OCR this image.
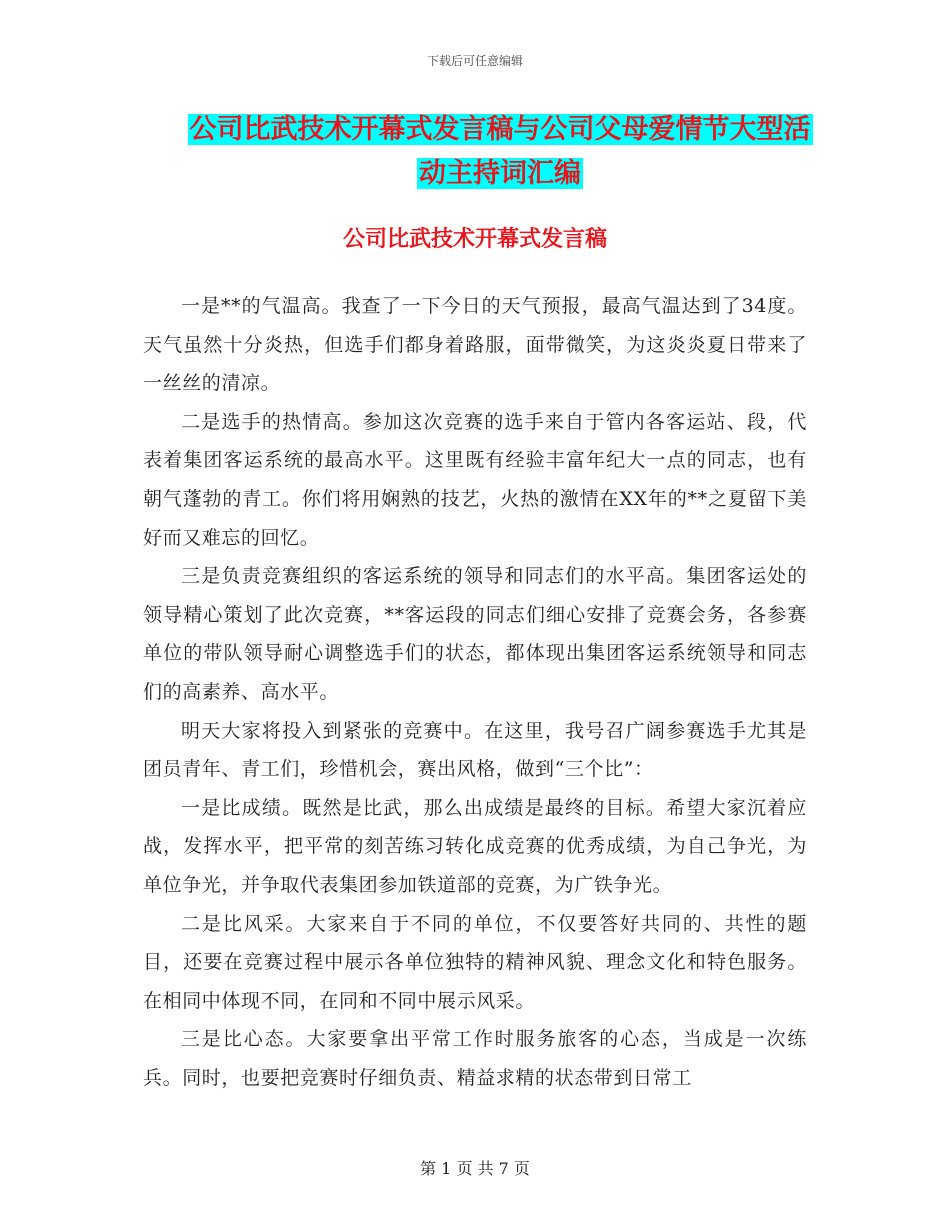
下载后可任意编辑
公司比武技术开幕式发言稿与公司父母爱情节大型活
动主持词汇编
公司比武技术开幕式发言稿

一是**的气温高。我查了一下今日的天气预报，最高气温达到了34度。天气虽然十分炎热，但选手们都身着路服，面带微笑，为这炎炎夏日带来了一丝丝的清凉。

二是选手的热情高。参加这次竞赛的选手来自于管内各客运站、段，代表着集团客运系统的最高水平。这里既有经验丰富年纪大一点的同志，也有朝气蓬勃的青工。你们将用娴熟的技艺，火热的激情在XX年的**之夏留下美好而又难忘的回忆。

三是负责竞赛组织的客运系统的领导和同志们的水平高。集团客运处的领导精心策划了此次竞赛，**客运段的同志们细心安排了竞赛会务，各参赛单位的带队领导耐心调整选手们的状态，都体现出集团客运系统领导和同志们的高素养、高水平。

明天大家将投入到紧张的竞赛中。在这里，我号召广阔参赛选手尤其是团员青年、青工们，珍惜机会，赛出风格，做到“三个比”：

一是比成绩。既然是比武，那么出成绩是最终的目标。希望大家沉着应战，发挥水平，把平常的刻苦练习转化成竞赛的优秀成绩，为自己争光，为单位争光，并争取代表集团参加铁道部的竞赛，为广铁争光。

二是比风采。大家来自于不同的单位，不仅要答好共同的、共性的题目，还要在竞赛过程中展示各单位独特的精神风貌、理念文化和特色服务。在相同中体现不同，在同和不同中展示风采。

三是比心态。大家要拿出平常工作时服务旅客的心态，当成是一次练兵。同时，也要把竞赛时仔细负责、精益求精的状态带到日常工

第 1 页 共 7 页
